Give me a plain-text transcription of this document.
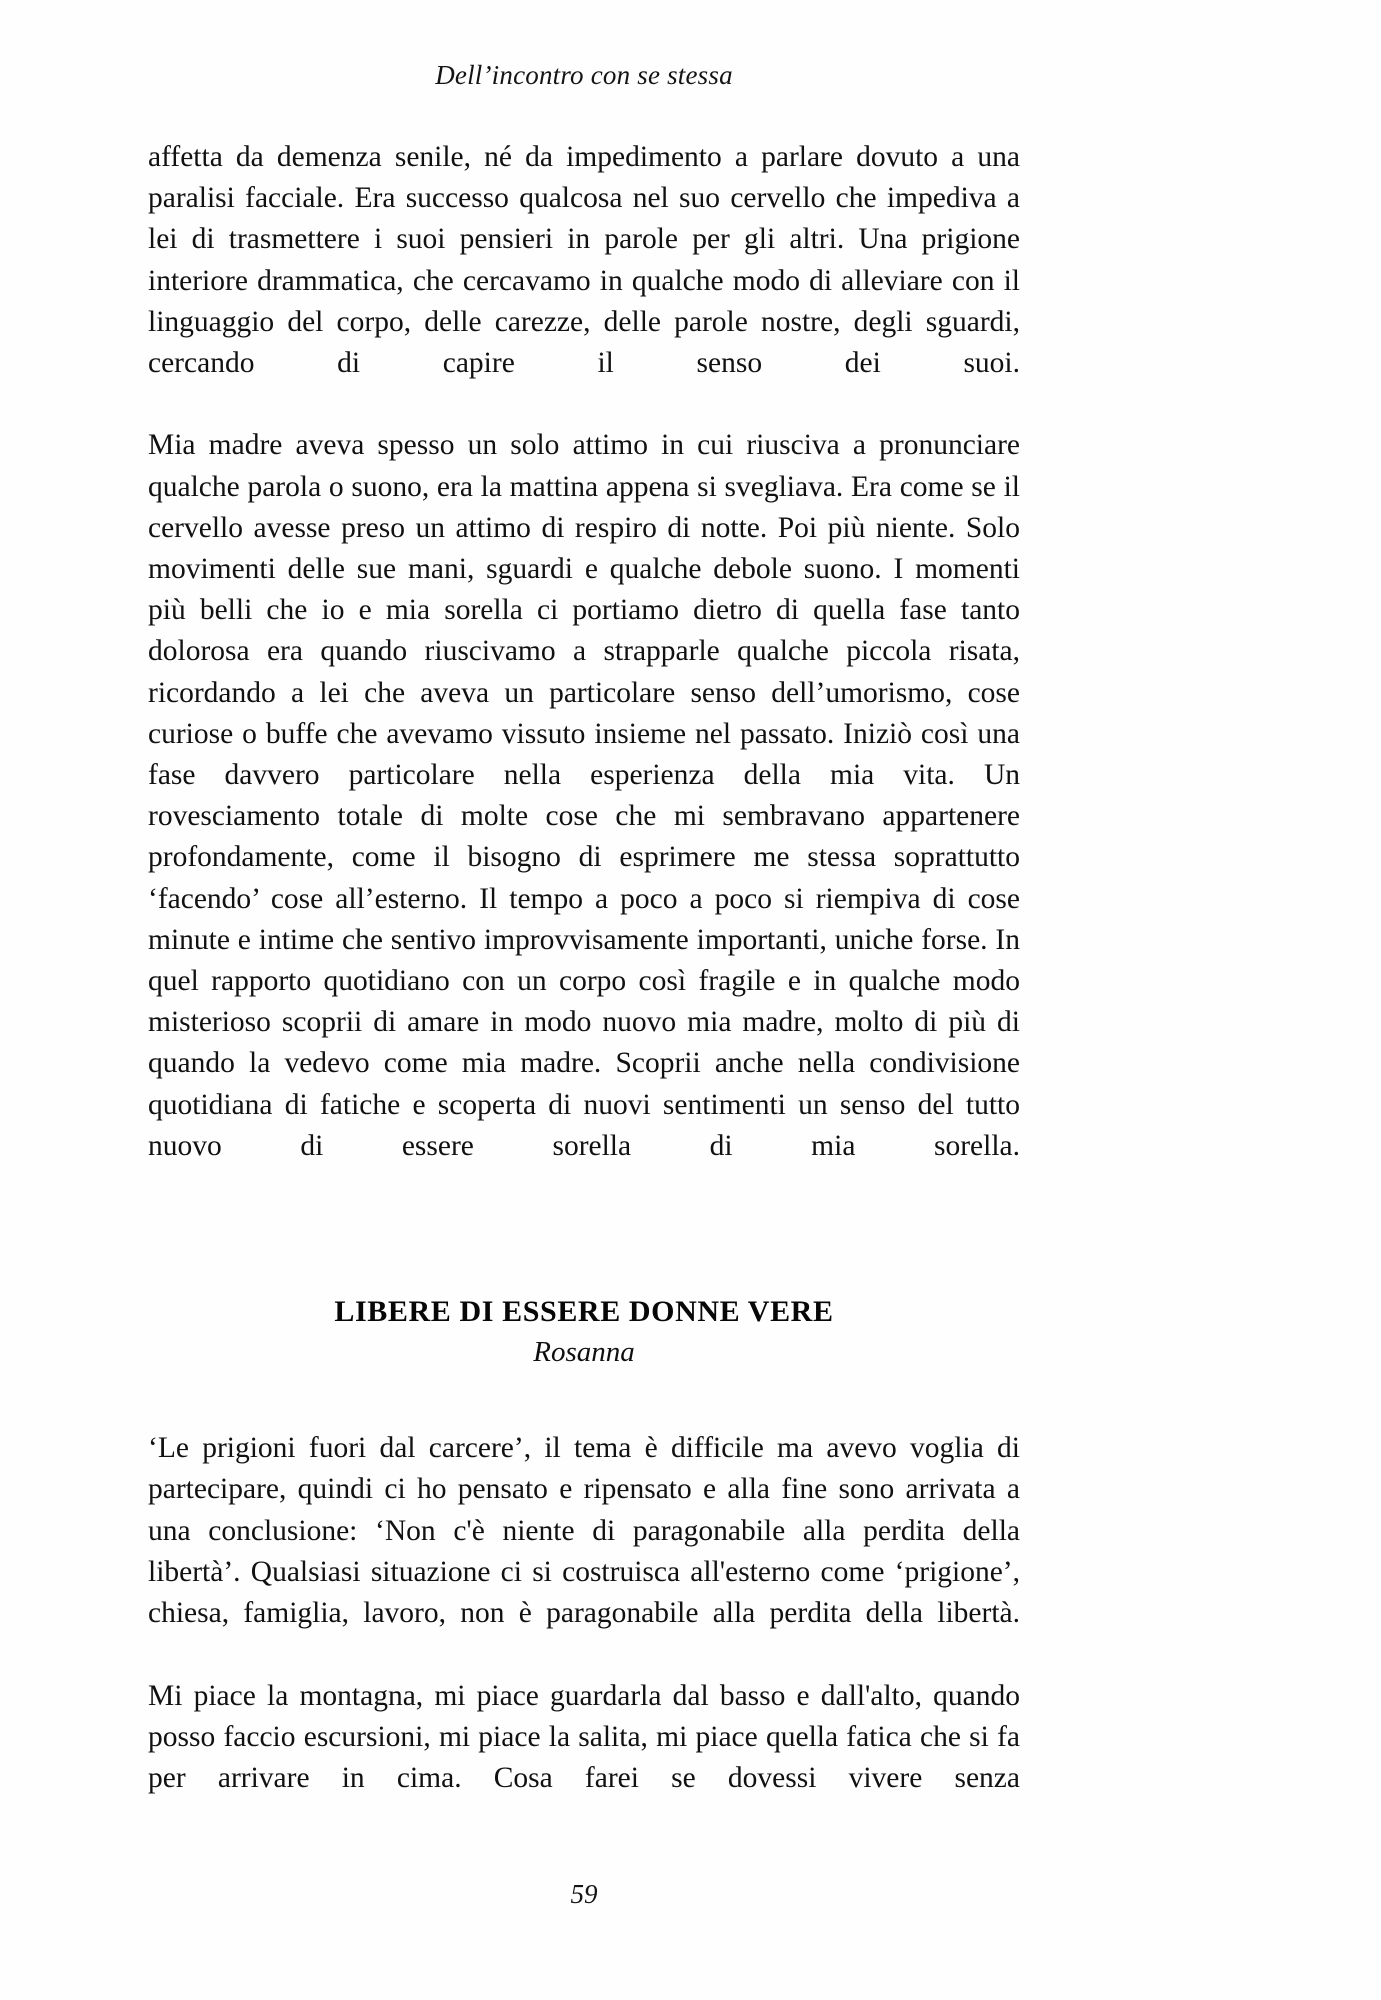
Dell’incontro con se stessa

affetta da demenza senile, né da impedimento a parlare dovuto a una paralisi facciale. Era successo qualcosa nel suo cervello che impediva a lei di trasmettere i suoi pensieri in parole per gli altri. Una prigione interiore drammatica, che cercavamo in qualche modo di alleviare con il linguaggio del corpo, delle carezze, delle parole nostre, degli sguardi, cercando di capire il senso dei suoi.

Mia madre aveva spesso un solo attimo in cui riusciva a pronunciare qualche parola o suono, era la mattina appena si svegliava. Era come se il cervello avesse preso un attimo di respiro di notte. Poi più niente. Solo movimenti delle sue mani, sguardi e qualche debole suono. I momenti più belli che io e mia sorella ci portiamo dietro di quella fase tanto dolorosa era quando riuscivamo a strapparle qualche piccola risata, ricordando a lei che aveva un particolare senso dell’umorismo, cose curiose o buffe che avevamo vissuto insieme nel passato. Iniziò così una fase davvero particolare nella esperienza della mia vita. Un rovesciamento totale di molte cose che mi sembravano appartenere profondamente, come il bisogno di esprimere me stessa soprattutto ‘facendo’ cose all’esterno. Il tempo a poco a poco si riempiva di cose minute e intime che sentivo improvvisamente importanti, uniche forse. In quel rapporto quotidiano con un corpo così fragile e in qualche modo misterioso scoprii di amare in modo nuovo mia madre, molto di più di quando la vedevo come mia madre. Scoprii anche nella condivisione quotidiana di fatiche e scoperta di nuovi sentimenti un senso del tutto nuovo di essere sorella di mia sorella.

LIBERE DI ESSERE DONNE VERE
Rosanna

‘Le prigioni fuori dal carcere’, il tema è difficile ma avevo voglia di partecipare, quindi ci ho pensato e ripensato e alla fine sono arrivata a una conclusione: ‘Non c'è niente di paragonabile alla perdita della libertà’. Qualsiasi situazione ci si costruisca all'esterno come ‘prigione’, chiesa, famiglia, lavoro, non è paragonabile alla perdita della libertà.

Mi piace la montagna, mi piace guardarla dal basso e dall'alto, quando posso faccio escursioni, mi piace la salita, mi piace quella fatica che si fa per arrivare in cima. Cosa farei se dovessi vivere senza

59
